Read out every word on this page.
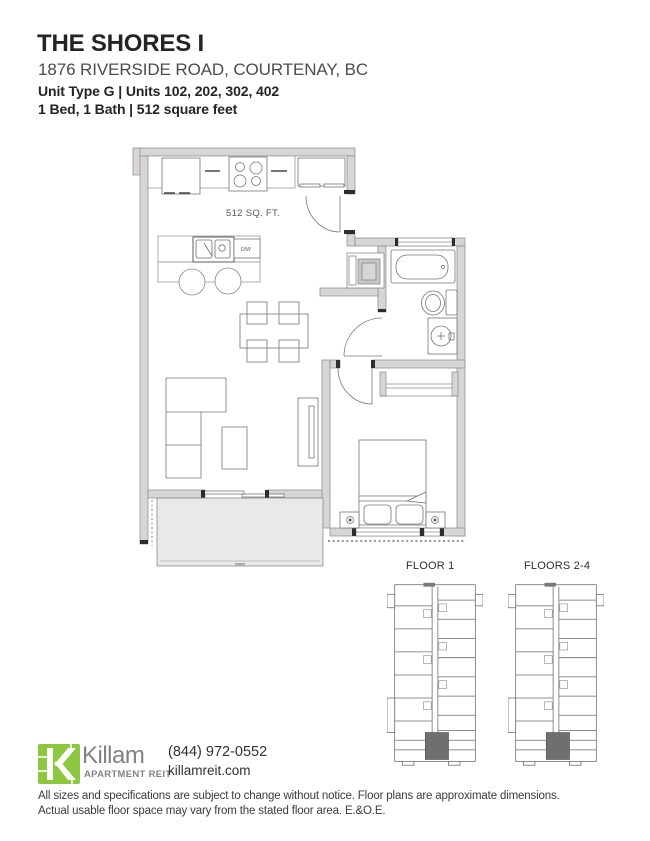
THE SHORES I
1876 RIVERSIDE ROAD, COURTENAY, BC
Unit Type G | Units 102, 202, 302, 402
1 Bed, 1 Bath | 512 square feet
512 SQ. FT.
D/W
FLOOR 1	FLOORS 2-4
Killam
APARTMENT REIT
(844) 972-0552
killamreit.com
All sizes and specifications are subject to change without notice. Floor plans are approximate dimensions.
Actual usable floor space may vary from the stated floor area. E.&O.E.
